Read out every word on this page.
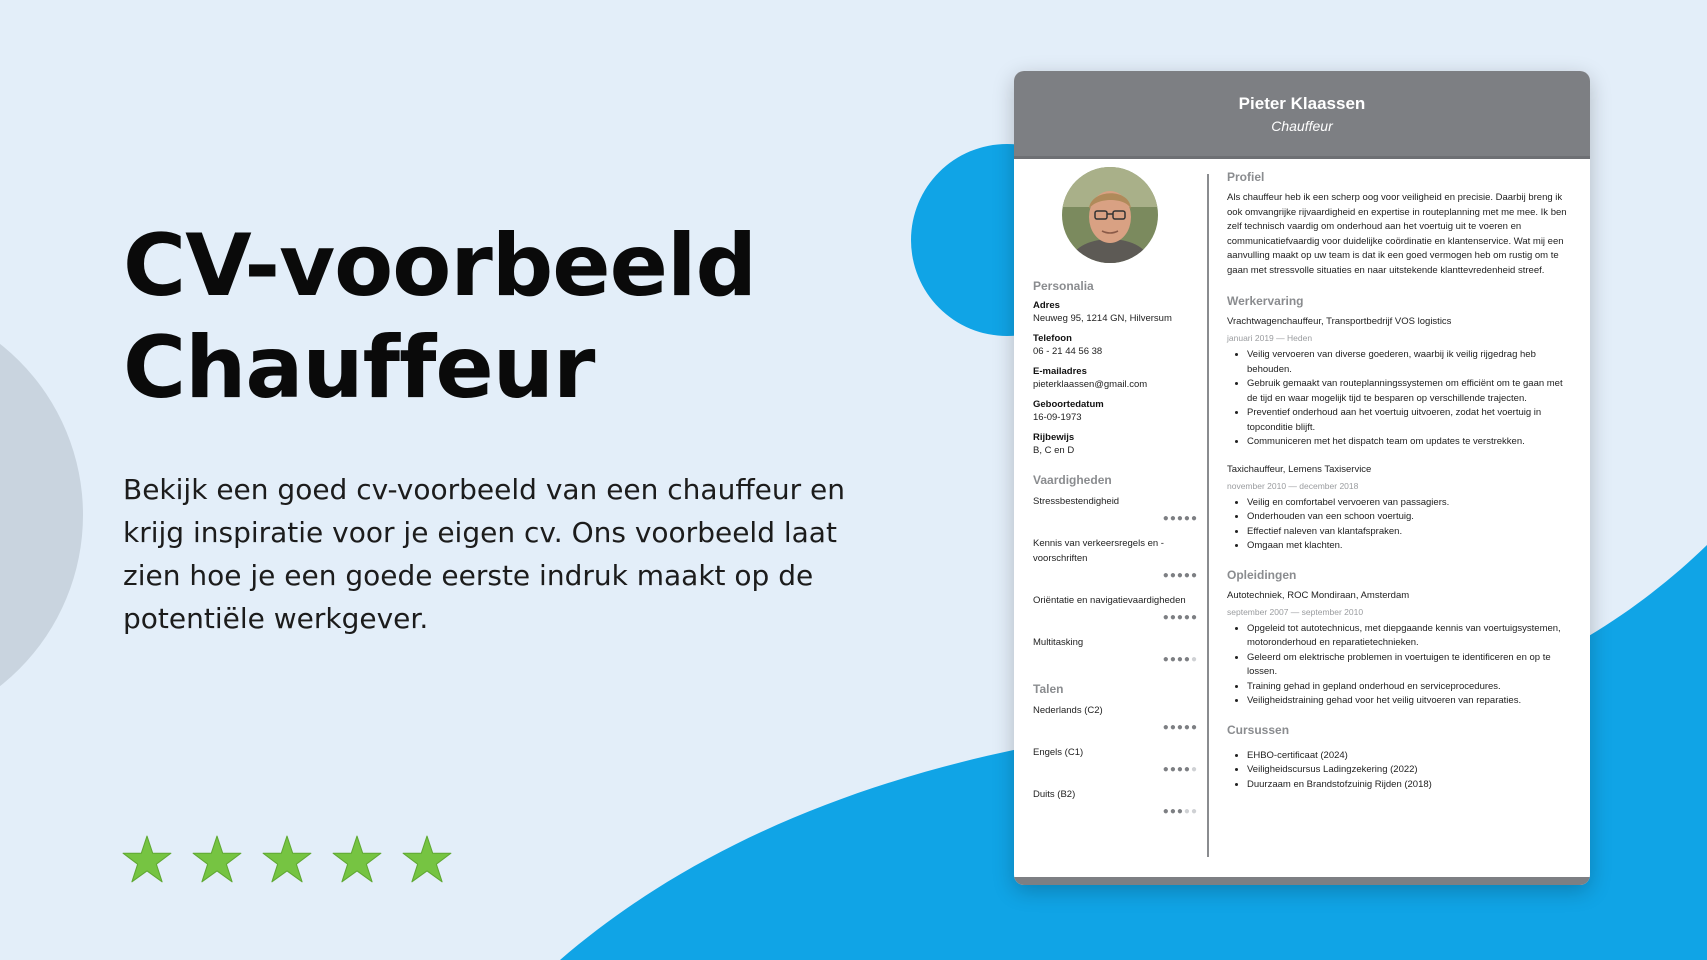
CV-voorbeeld
Chauffeur

Bekijk een goed cv-voorbeeld van een chauffeur en krijg inspiratie voor je eigen cv. Ons voorbeeld laat zien hoe je een goede eerste indruk maakt op de potentiële werkgever.

Pieter Klaassen
Chauffeur
Personalia
Adres
Neuweg 95, 1214 GN, Hilversum
Telefoon
06 - 21 44 56 38
E-mailadres
pieterklaassen@gmail.com
Geboortedatum
16-09-1973
Rijbewijs
B, C en D
Vaardigheden
Stressbestendigheid
●●●●●
Kennis van verkeersregels en -voorschriften
●●●●●
Oriëntatie en navigatievaardigheden
●●●●●
Multitasking
●●●●●
Talen
Nederlands (C2)
●●●●●
Engels (C1)
●●●●●
Duits (B2)
●●●●●
Profiel

Als chauffeur heb ik een scherp oog voor veiligheid en precisie. Daarbij breng ik ook omvangrijke rijvaardigheid en expertise in routeplanning met me mee. Ik ben zelf technisch vaardig om onderhoud aan het voertuig uit te voeren en communicatiefvaardig voor duidelijke coördinatie en klantenservice. Wat mij een aanvulling maakt op uw team is dat ik een goed vermogen heb om rustig om te gaan met stressvolle situaties en naar uitstekende klanttevredenheid streef.

Werkervaring
Vrachtwagenchauffeur, Transportbedrijf VOS logistics
januari 2019 — Heden
• Veilig vervoeren van diverse goederen, waarbij ik veilig rijgedrag heb behouden.
• Gebruik gemaakt van routeplanningssystemen om efficiënt om te gaan met de tijd en waar mogelijk tijd te besparen op verschillende trajecten.
• Preventief onderhoud aan het voertuig uitvoeren, zodat het voertuig in topconditie blijft.
• Communiceren met het dispatch team om updates te verstrekken.
Taxichauffeur, Lemens Taxiservice
november 2010 — december 2018
• Veilig en comfortabel vervoeren van passagiers.
• Onderhouden van een schoon voertuig.
• Effectief naleven van klantafspraken.
• Omgaan met klachten.
Opleidingen
Autotechniek, ROC Mondiraan, Amsterdam
september 2007 — september 2010
• Opgeleid tot autotechnicus, met diepgaande kennis van voertuigsystemen, motoronderhoud en reparatietechnieken.
• Geleerd om elektrische problemen in voertuigen te identificeren en op te lossen.
• Training gehad in gepland onderhoud en serviceprocedures.
• Veiligheidstraining gehad voor het veilig uitvoeren van reparaties.
Cursussen
• EHBO-certificaat (2024)
• Veiligheidscursus Ladingzekering (2022)
• Duurzaam en Brandstofzuinig Rijden (2018)
